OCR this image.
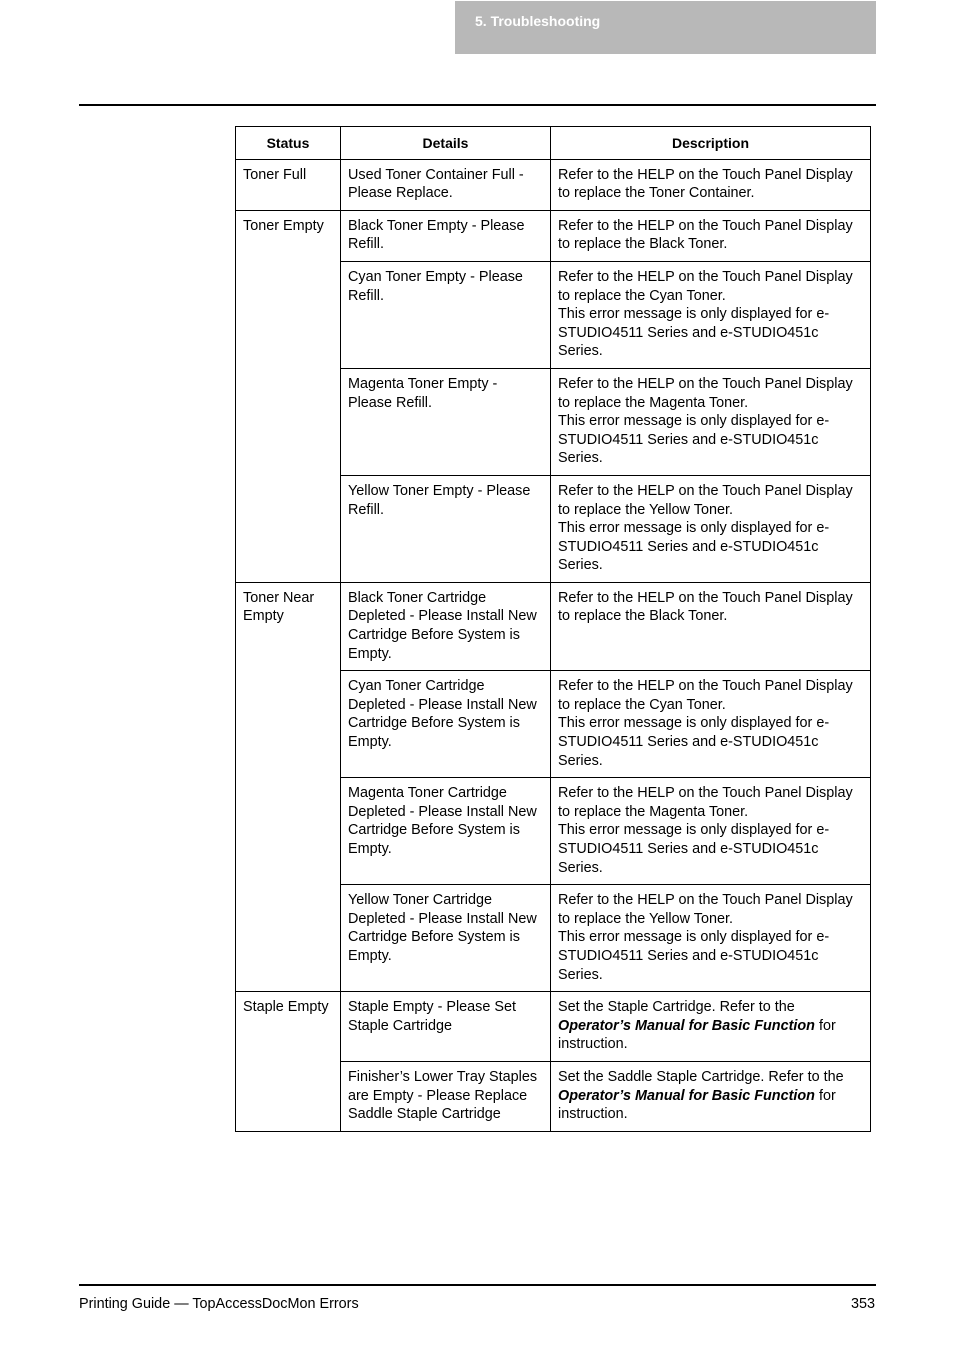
5. Troubleshooting
Status	Details	Description
Toner Full	Used Toner Container Full - Please Replace.	Refer to the HELP on the Touch Panel Display to replace the Toner Container.

Toner Empty	Black Toner Empty - Please Refill.	Refer to the HELP on the Touch Panel Display to replace the Black Toner.

	Cyan Toner Empty - Please Refill.	Refer to the HELP on the Touch Panel Display to replace the Cyan Toner.
This error message is only displayed for e-STUDIO4511 Series and e-STUDIO451c Series.

	Magenta Toner Empty - Please Refill.	Refer to the HELP on the Touch Panel Display to replace the Magenta Toner.
This error message is only displayed for e-STUDIO4511 Series and e-STUDIO451c Series.

	Yellow Toner Empty - Please Refill.	Refer to the HELP on the Touch Panel Display to replace the Yellow Toner.
This error message is only displayed for e-STUDIO4511 Series and e-STUDIO451c Series.

Toner Near Empty	Black Toner Cartridge Depleted - Please Install New Cartridge Before System is Empty.	Refer to the HELP on the Touch Panel Display to replace the Black Toner.

	Cyan Toner Cartridge Depleted - Please Install New Cartridge Before System is Empty.	Refer to the HELP on the Touch Panel Display to replace the Cyan Toner.
This error message is only displayed for e-STUDIO4511 Series and e-STUDIO451c Series.

	Magenta Toner Cartridge Depleted - Please Install New Cartridge Before System is Empty.	Refer to the HELP on the Touch Panel Display to replace the Magenta Toner.
This error message is only displayed for e-STUDIO4511 Series and e-STUDIO451c Series.

	Yellow Toner Cartridge Depleted - Please Install New Cartridge Before System is Empty.	Refer to the HELP on the Touch Panel Display to replace the Yellow Toner.
This error message is only displayed for e-STUDIO4511 Series and e-STUDIO451c Series.

Staple Empty	Staple Empty - Please Set Staple Cartridge	Set the Staple Cartridge. Refer to the Operator’s Manual for Basic Function for instruction.
	Finisher’s Lower Tray Staples are Empty - Please Replace Saddle Staple Cartridge	Set the Saddle Staple Cartridge. Refer to the Operator’s Manual for Basic Function for instruction.
Printing Guide — TopAccessDocMon Errors	353
